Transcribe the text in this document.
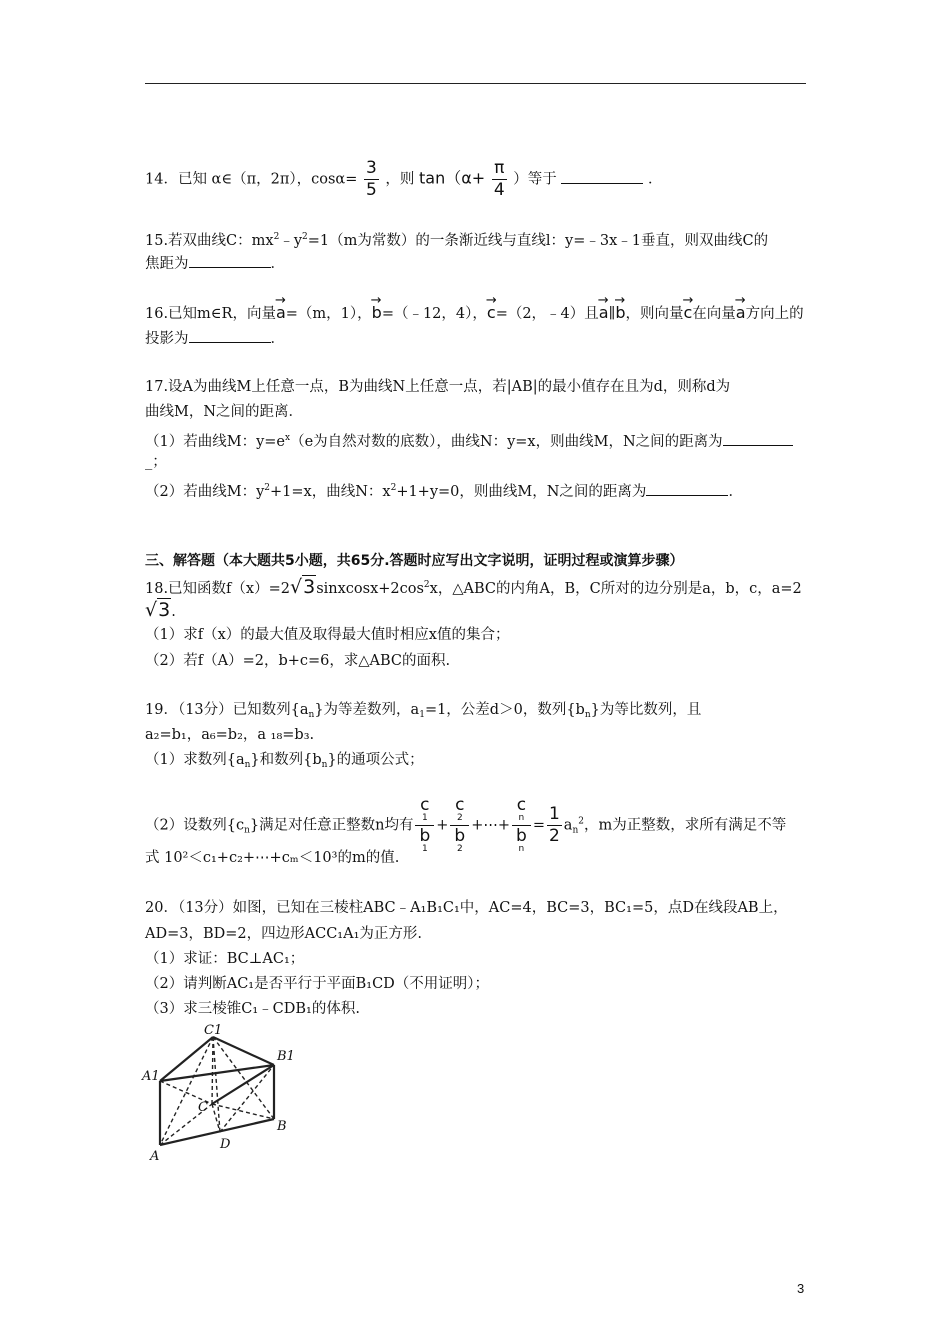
14．已知 α∈（π，2π），$\cos\alpha= \frac{3}{5}$ ，则 $\tan(\alpha+ \frac{\pi}{4}$ ）等于	．
15.若双曲线C：$mx^2﹣y^2=1(m$为常数）的一条渐近线与直线l：y=﹣3x﹣1垂直，则双曲线C的
焦距为	．
16.已知m∈R，向量→ a=（m，1），→ b=（﹣12，4），→ c=（2，﹣4）且→ a∥→ b，则向量→ c在向量→ a方向上的
投影为	．
17.设A为曲线M上任意一点，B为曲线N上任意一点，若|AB|的最小值存在且为d，则称d为
曲线M，N之间的距离．
（1）若曲线M：$y=e^x(e$为自然对数的底数），曲线N：y=x，则曲线M，N之间的距离为
_；
（2）若曲线M：$y^2+1=x$，曲线N：$x^2+1+y=0$，则曲线M，N之间的距离为	．
三、解答题（本大题共5小题，共65分.答题时应写出文字说明，证明过程或演算步骤）
18.已知函数$f(x)=2√3sinxcosx+2\cos^2x$，△ABC的内角A，B，C所对的边分别是a，b，c，a=2
√3.
（1）求f（x）的最大值及取得最大值时相应x值的集合；
（2）若f（A）=2，b+c=6，求△ABC的面积.
19．（13分）已知数列$\{a_n\}$为等差数列，$a_1=1$，公差d＞0，数列$\{b_n\}$为等比数列，且
a₂=b₁，a₆=b₂，a ₁₈=b₃.
（1）求数列$\{a_n\}$和数列$\{b_n\}$的通项公式；
（2）设数列$\{c_n\}$满足对任意正整数n均有 c
1
b
1 + c
2
b
2 +⋯+ c
n
b
$n = \frac{1}{2} a_n^2$，m为正整数，求所有满足不等
式 10²＜c₁+c₂+⋯+cₘ＜10³的m的值.
20．（13分）如图，已知在三棱柱ABC﹣A₁B₁C₁中，AC=4，BC=3，BC₁=5，点D在线段AB上，
AD=3，BD=2，四边形ACC₁A₁为正方形.
（1）求证：BC⊥AC₁；
（2）请判断AC₁是否平行于平面B₁CD（不用证明）；
（3）求三棱锥C₁﹣CDB₁的体积.
A1
C1
B1
C
B
D
A
3
